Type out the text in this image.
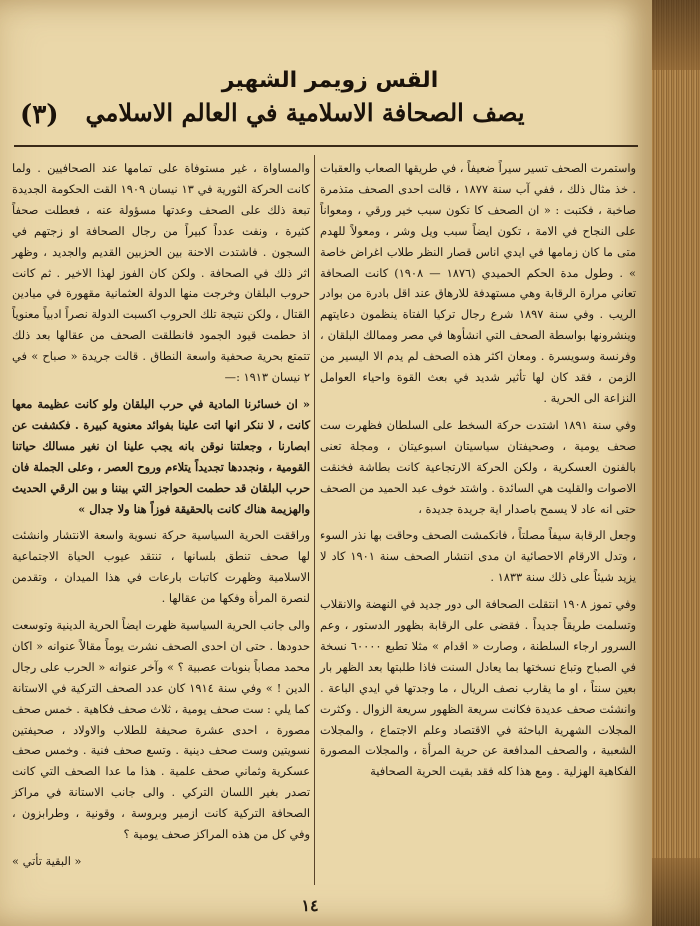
القس زويمر الشهير
(٣)	يصف الصحافة الاسلامية في العالم الاسلامي

واستمرت الصحف تسير سيراً ضعيفاً ، في طريقها الصعاب والعقبات . خذ مثال ذلك ، ففي آب سنة ١٨٧٧ ، قالت احدى الصحف متذمرة صاخبة ، فكتبت : « ان الصحف كا تكون سبب خير ورقي ، ومعواناً على النجاح في الامة ، تكون ايضاً سبب ويل وشر ، ومعولاً للهدم متى ما كان زمامها في ايدي اناس قصار النظر طلاب اغراض خاصة » . وطول مدة الحكم الحميدي (١٨٧٦ — ١٩٠٨) كانت الصحافة تعاني مرارة الرقابة وهي مستهدفة للارهاق عند اقل بادرة من بوادر الريب . وفي سنة ١٨٩٧ شرع رجال تركيا الفتاة ينظمون دعايتهم وينشرونها بواسطة الصحف التي انشأوها في مصر وممالك البلقان ، وفرنسة وسويسرة . ومعان اكثر هذه الصحف لم يدم الا اليسير من الزمن ، فقد كان لها تأثير شديد في بعث القوة واحياء العوامل النزاعة الى الحرية .

وفي سنة ١٨٩١ اشتدت حركة السخط على السلطان فظهرت ست صحف يومية ، وصحيفتان سياسيتان اسبوعيتان ، ومجلة تعنى بالفنون العسكرية ، ولكن الحركة الارتجاعية كانت بطاشة فخنقت الاصوات والقليت هي السائدة . واشتد خوف عبد الحميد من الصحف حتى انه عاد لا يسمح باصدار اية جريدة جديدة ،

وجعل الرقابة سيفاً مصلتاً ، فانكمشت الصحف وحاقت بها نذر السوء ، وتدل الارقام الاحصائية ان مدى انتشار الصحف سنة ١٩٠١ كاد لا يزيد شيئاً على ذلك سنة ١٨٣٣ .

وفي تموز ١٩٠٨ انتقلت الصحافة الى دور جديد في النهضة والانقلاب وتسلمت طريقاً جديداً . فقضى على الرقابة بظهور الدستور ، وعم السرور ارجاء السلطنة ، وصارت « اقدام » مثلا تطبع ٦٠٠٠٠ نسخة في الصباح وتباع نسختها بما يعادل السنت فاذا طلبتها بعد الظهر بار بعين سنتاً ، او ما يقارب نصف الريال ، ما وجدتها في ايدي الباعة . وانشئت صحف عديدة فكانت سريعة الظهور سريعة الزوال . وكثرت المجلات الشهرية الباحثة في الاقتصاد وعلم الاجتماع ، والمجلات الشعبية ، والصحف المدافعة عن حرية المرأة ، والمجلات المصورة الفكاهية الهزلية . ومع هذا كله فقد بقيت الحرية الصحافية

والمساواة ، غير مستوفاة على تمامها عند الصحافيين . ولما كانت الحركة الثورية في ١٣ نيسان ١٩٠٩ القت الحكومة الجديدة تبعة ذلك على الصحف وعدتها مسؤولة عنه ، فعطلت صحفاً كثيرة ، ونفت عدداً كبيراً من رجال الصحافة او زجتهم في السجون . فاشتدت الاحنة بين الحزبين القديم والجديد ، وظهر اثر ذلك في الصحافة . ولكن كان الفوز لهذا الاخير . ثم كانت حروب البلقان وخرجت منها الدولة العثمانية مقهورة في ميادين القتال ، ولكن نتيجة تلك الحروب اكسبت الدولة نصراً ادبياً معنوياً اذ حطمت قيود الجمود فانطلقت الصحف من عقالها بعد ذلك تتمتع بحرية صحفية واسعة النطاق . قالت جريدة « صباح » في ٢ نيسان ١٩١٣ :—

« ان خسائرنا المادية في حرب البلقان ولو كانت عظيمة معها كانت ، لا ننكر انها اتت علينا بفوائد معنوية كبيرة . فكشفت عن ابصارنا ، وجعلتنا نوقن بانه يجب علينا ان نغير مسالك حياتنا القومية ، ونجددها تجديداً يتلاءم وروح العصر ، وعلى الجملة فان حرب البلقان قد حطمت الحواجز التي بيننا و بين الرقي الحديث والهزيمة هناك كانت بالحقيقة فوزاً هنا ولا جدال »

وراققت الحرية السياسية حركة نسوية واسعة الانتشار وانشئت لها صحف تنطق بلسانها ، تنتقد عيوب الحياة الاجتماعية الاسلامية وظهرت كاتبات بارعات في هذا الميدان ، وتقدمن لنصرة المرأة وفكها من عقالها .

والى جانب الحرية السياسية ظهرت ايضاً الحرية الدينية وتوسعت حدودها . حتى ان احدى الصحف نشرت يوماً مقالاً عنوانه « اكان محمد مصاباً بنوبات عصبية ؟ » وآخر عنوانه « الحرب على رجال الدين ! » وفي سنة ١٩١٤ كان عدد الصحف التركية في الاستانة كما يلي : ست صحف يومية ، ثلاث صحف فكاهية . خمس صحف مصورة ، احدى عشرة صحيفة للطلاب والاولاد ، صحيفتين نسويتين وست صحف دينية . وتسع صحف فنية . وخمس صحف عسكرية وثماني صحف علمية . هذا ما عدا الصحف التي كانت تصدر بغير اللسان التركي . والى جانب الاستانة في مراكز الصحافة التركية كانت ازمير وبروسة ، وقونية ، وطرابزون ، وفي كل من هذه المراكز صحف يومية ؟

« البقية تأتي »

١٤
